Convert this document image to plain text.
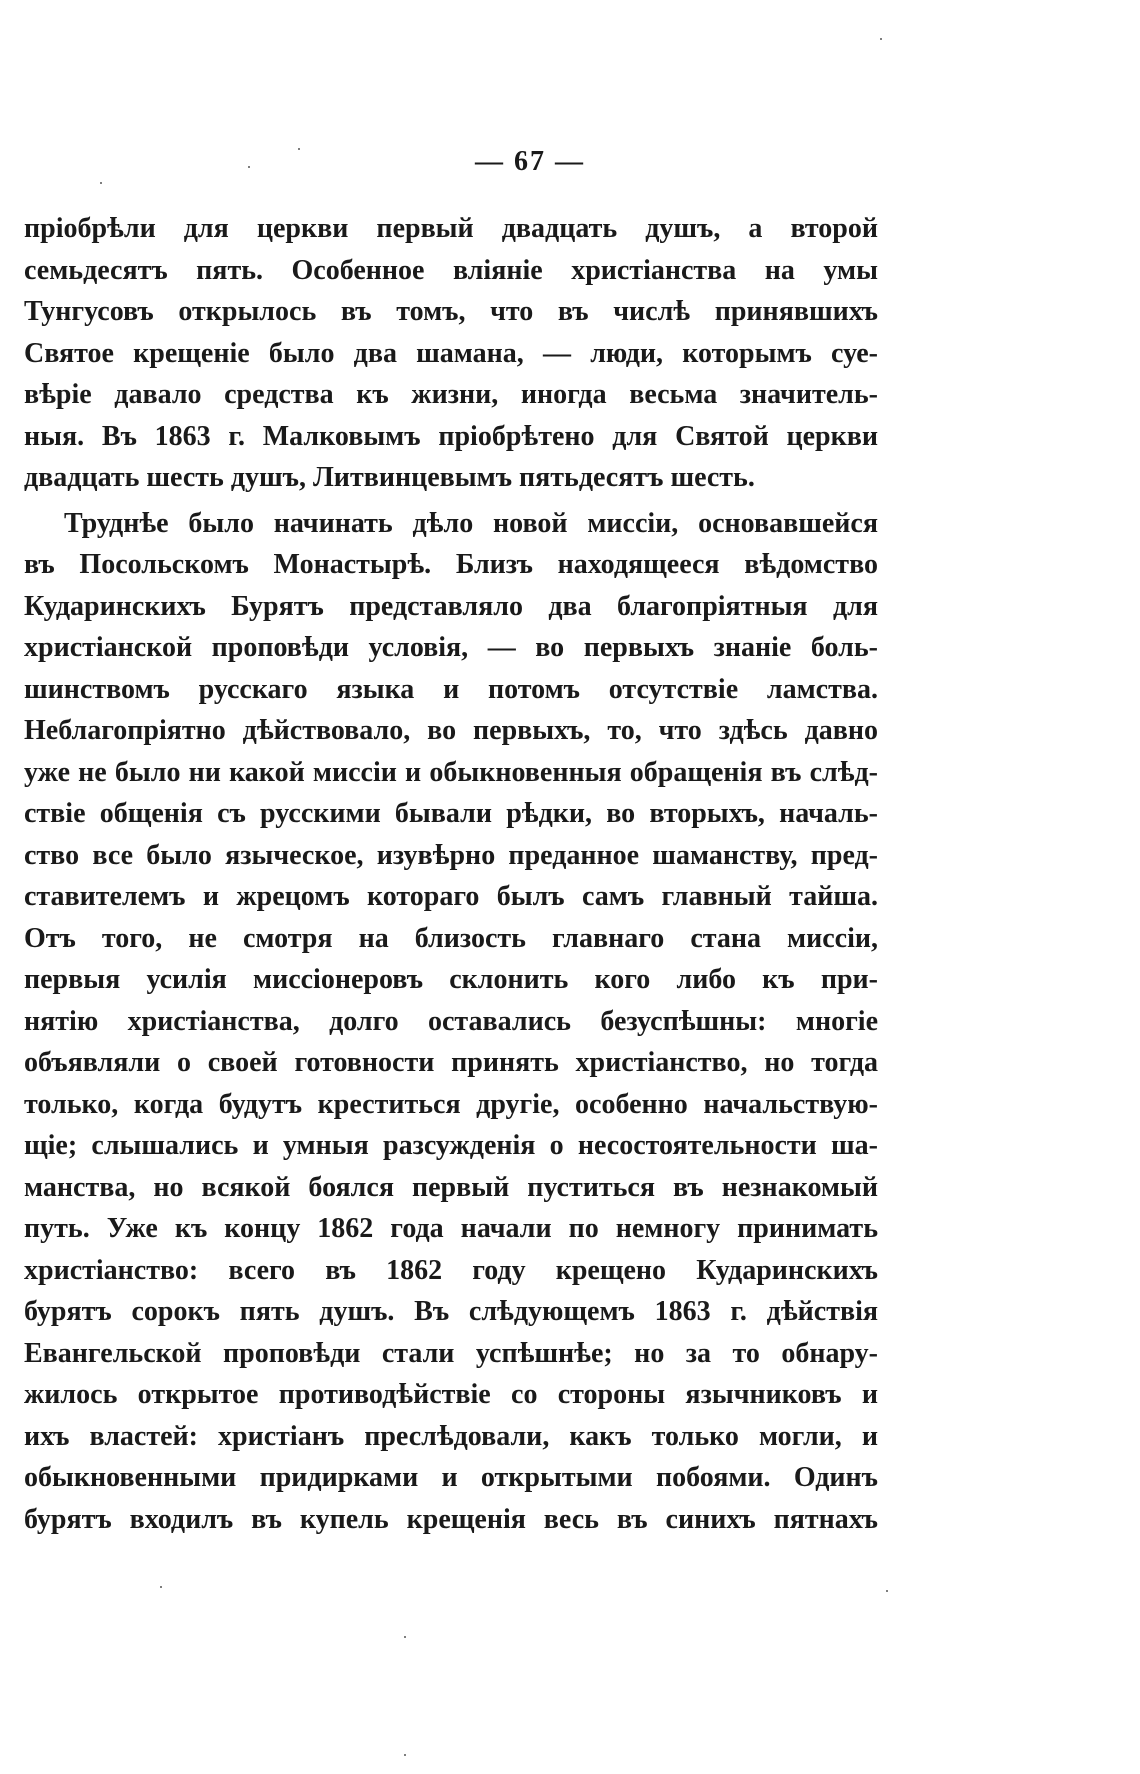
— 67 —
пріобрѣли для церкви первый двадцать душъ, а второй
семьдесятъ пять. Особенное вліяніе христіанства на умы
Тунгусовъ открылось въ томъ, что въ числѣ принявшихъ
Святое крещеніе было два шамана, — люди, которымъ суе-
вѣріе давало средства къ жизни, иногда весьма значитель-
ныя. Въ 1863 г. Малковымъ пріобрѣтено для Святой церкви
двадцать шесть душъ, Литвинцевымъ пятьдесятъ шесть.
Труднѣе было начинать дѣло новой миссіи, основавшейся
въ Посольскомъ Монастырѣ. Близъ находящееся вѣдомство
Кударинскихъ Бурятъ представляло два благопріятныя для
христіанской проповѣди условія, — во первыхъ знаніе боль-
шинствомъ русскаго языка и потомъ отсутствіе ламства.
Неблагопріятно дѣйствовало, во первыхъ, то, что здѣсь давно
уже не было ни какой миссіи и обыкновенныя обращенія въ слѣд-
ствіе общенія съ русскими бывали рѣдки, во вторыхъ, началь-
ство все было языческое, изувѣрно преданное шаманству, пред-
ставителемъ и жрецомъ котораго былъ самъ главный тайша.
Отъ того, не смотря на близость главнаго стана миссіи,
первыя усилія миссіонеровъ склонить кого либо къ при-
нятію христіанства, долго оставались безуспѣшны: многіе
объявляли о своей готовности принять христіанство, но тогда
только, когда будутъ креститься другіе, особенно начальствую-
щіе; слышались и умныя разсужденія о несостоятельности ша-
манства, но всякой боялся первый пуститься въ незнакомый
путь. Уже къ концу 1862 года начали по немногу принимать
христіанство: всего въ 1862 году крещено Кударинскихъ
бурятъ сорокъ пять душъ. Въ слѣдующемъ 1863 г. дѣйствія
Евангельской проповѣди стали успѣшнѣе; но за то обнару-
жилось открытое противодѣйствіе со стороны язычниковъ и
ихъ властей: христіанъ преслѣдовали, какъ только могли, и
обыкновенными придирками и открытыми побоями. Одинъ
бурятъ входилъ въ купель крещенія весь въ синихъ пятнахъ
